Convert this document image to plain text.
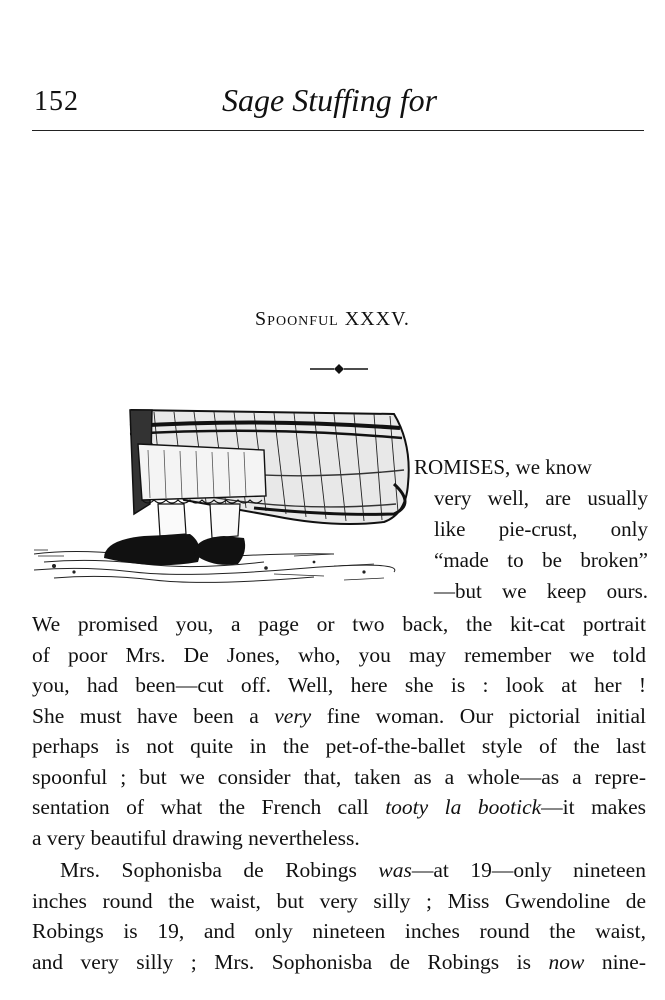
152	Sage Stuffing for
Spoonful XXXV.
ROMISES, we know
very well, are usually
like pie-crust, only
“made to be broken”
—but we keep ours.
We promised you, a page or two back, the kit-cat portrait
of poor Mrs. De Jones, who, you may remember we told
you, had been—cut off. Well, here she is : look at her !
She must have been a very fine woman. Our pictorial initial
perhaps is not quite in the pet-of-the-ballet style of the last
spoonful ; but we consider that, taken as a whole—as a repre-
sentation of what the French call tooty la bootick—it makes
a very beautiful drawing nevertheless.
Mrs. Sophonisba de Robings was—at 19—only nineteen
inches round the waist, but very silly ; Miss Gwendoline de
Robings is 19, and only nineteen inches round the waist,
and very silly ; Mrs. Sophonisba de Robings is now nine-
